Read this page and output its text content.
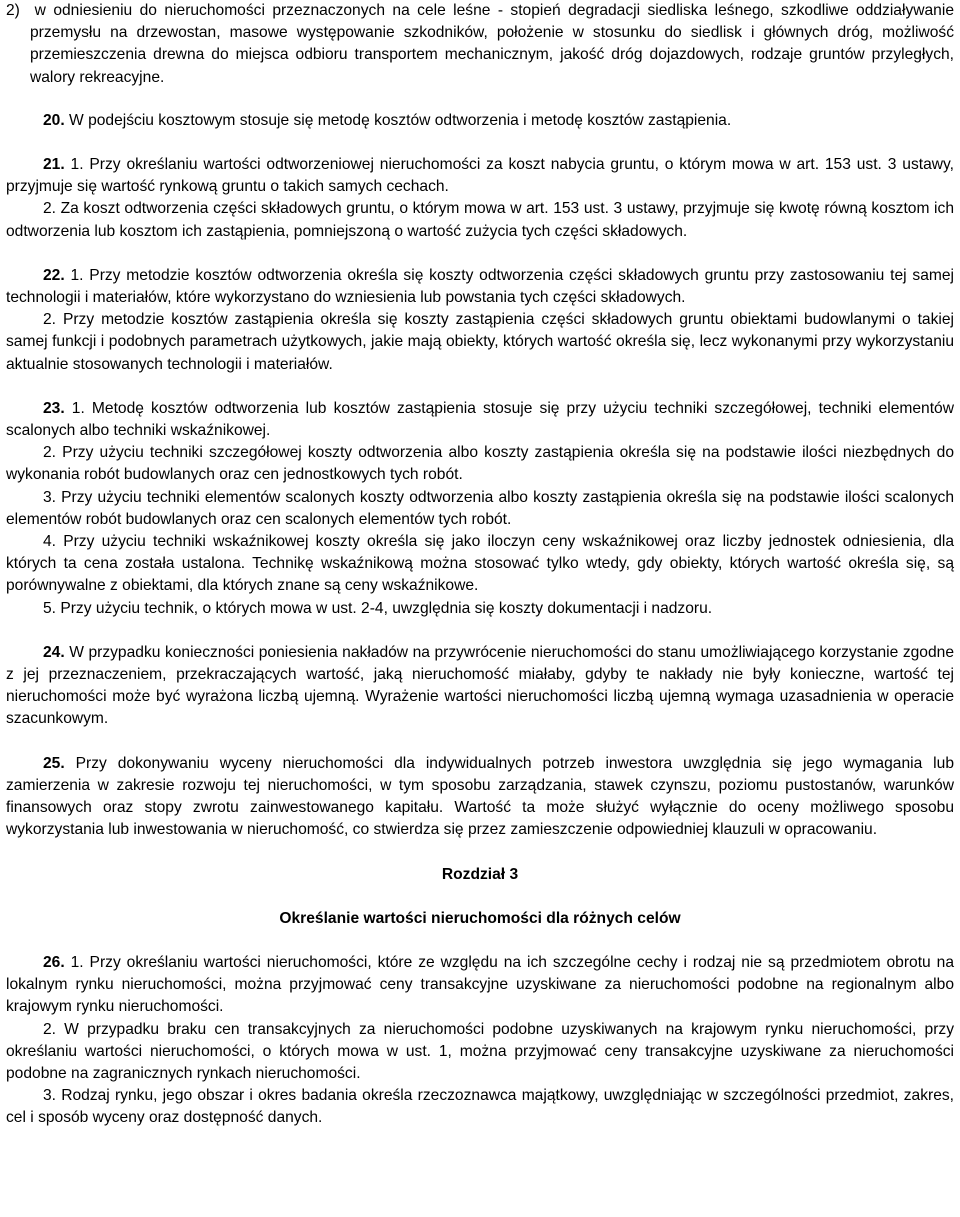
2)  w odniesieniu do nieruchomości przeznaczonych na cele leśne - stopień degradacji siedliska leśnego, szkodliwe oddziaływanie przemysłu na drzewostan, masowe występowanie szkodników, położenie w stosunku do siedlisk i głównych dróg, możliwość przemieszczenia drewna do miejsca odbioru transportem mechanicznym, jakość dróg dojazdowych, rodzaje gruntów przyległych, walory rekreacyjne.

20. W podejściu kosztowym stosuje się metodę kosztów odtworzenia i metodę kosztów zastąpienia.

21. 1. Przy określaniu wartości odtworzeniowej nieruchomości za koszt nabycia gruntu, o którym mowa w art. 153 ust. 3 ustawy, przyjmuje się wartość rynkową gruntu o takich samych cechach.

2. Za koszt odtworzenia części składowych gruntu, o którym mowa w art. 153 ust. 3 ustawy, przyjmuje się kwotę równą kosztom ich odtworzenia lub kosztom ich zastąpienia, pomniejszoną o wartość zużycia tych części składowych.

22. 1. Przy metodzie kosztów odtworzenia określa się koszty odtworzenia części składowych gruntu przy zastosowaniu tej samej technologii i materiałów, które wykorzystano do wzniesienia lub powstania tych części składowych.

2. Przy metodzie kosztów zastąpienia określa się koszty zastąpienia części składowych gruntu obiektami budowlanymi o takiej samej funkcji i podobnych parametrach użytkowych, jakie mają obiekty, których wartość określa się, lecz wykonanymi przy wykorzystaniu aktualnie stosowanych technologii i materiałów.

23. 1. Metodę kosztów odtworzenia lub kosztów zastąpienia stosuje się przy użyciu techniki szczegółowej, techniki elementów scalonych albo techniki wskaźnikowej.

2. Przy użyciu techniki szczegółowej koszty odtworzenia albo koszty zastąpienia określa się na podstawie ilości niezbędnych do wykonania robót budowlanych oraz cen jednostkowych tych robót.

3. Przy użyciu techniki elementów scalonych koszty odtworzenia albo koszty zastąpienia określa się na podstawie ilości scalonych elementów robót budowlanych oraz cen scalonych elementów tych robót.

4. Przy użyciu techniki wskaźnikowej koszty określa się jako iloczyn ceny wskaźnikowej oraz liczby jednostek odniesienia, dla których ta cena została ustalona. Technikę wskaźnikową można stosować tylko wtedy, gdy obiekty, których wartość określa się, są porównywalne z obiektami, dla których znane są ceny wskaźnikowe.

5. Przy użyciu technik, o których mowa w ust. 2-4, uwzględnia się koszty dokumentacji i nadzoru.

24. W przypadku konieczności poniesienia nakładów na przywrócenie nieruchomości do stanu umożliwiającego korzystanie zgodne z jej przeznaczeniem, przekraczających wartość, jaką nieruchomość miałaby, gdyby te nakłady nie były konieczne, wartość tej nieruchomości może być wyrażona liczbą ujemną. Wyrażenie wartości nieruchomości liczbą ujemną wymaga uzasadnienia w operacie szacunkowym.

25. Przy dokonywaniu wyceny nieruchomości dla indywidualnych potrzeb inwestora uwzględnia się jego wymagania lub zamierzenia w zakresie rozwoju tej nieruchomości, w tym sposobu zarządzania, stawek czynszu, poziomu pustostanów, warunków finansowych oraz stopy zwrotu zainwestowanego kapitału. Wartość ta może służyć wyłącznie do oceny możliwego sposobu wykorzystania lub inwestowania w nieruchomość, co stwierdza się przez zamieszczenie odpowiedniej klauzuli w opracowaniu.

Rozdział 3

Określanie wartości nieruchomości dla różnych celów

26. 1. Przy określaniu wartości nieruchomości, które ze względu na ich szczególne cechy i rodzaj nie są przedmiotem obrotu na lokalnym rynku nieruchomości, można przyjmować ceny transakcyjne uzyskiwane za nieruchomości podobne na regionalnym albo krajowym rynku nieruchomości.

2. W przypadku braku cen transakcyjnych za nieruchomości podobne uzyskiwanych na krajowym rynku nieruchomości, przy określaniu wartości nieruchomości, o których mowa w ust. 1, można przyjmować ceny transakcyjne uzyskiwane za nieruchomości podobne na zagranicznych rynkach nieruchomości.

3. Rodzaj rynku, jego obszar i okres badania określa rzeczoznawca majątkowy, uwzględniając w szczególności przedmiot, zakres, cel i sposób wyceny oraz dostępność danych.
